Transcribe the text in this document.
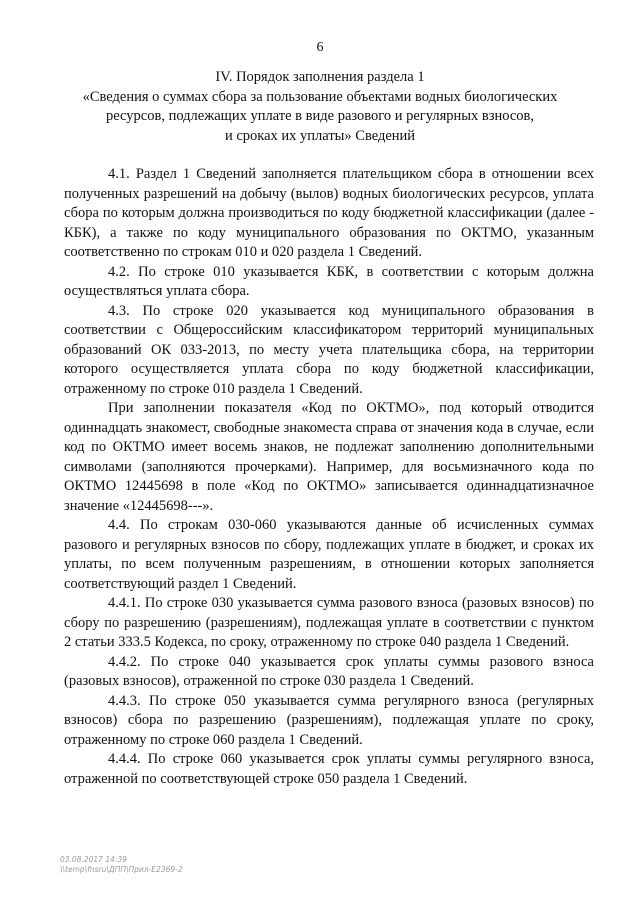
6
IV. Порядок заполнения раздела 1
«Сведения о суммах сбора за пользование объектами водных биологических
ресурсов, подлежащих уплате в виде разового и регулярных взносов,
и сроках их уплаты» Сведений

4.1. Раздел 1 Сведений заполняется плательщиком сбора в отношении всех полученных разрешений на добычу (вылов) водных биологических ресурсов, уплата сбора по которым должна производиться по коду бюджетной классификации (далее - КБК), а также по коду муниципального образования по ОКТМО, указанным соответственно по строкам 010 и 020 раздела 1 Сведений.

4.2. По строке 010 указывается КБК, в соответствии с которым должна осуществляться уплата сбора.

4.3. По строке 020 указывается код муниципального образования в соответствии с Общероссийским классификатором территорий муниципальных образований ОК 033-2013, по месту учета плательщика сбора, на территории которого осуществляется уплата сбора по коду бюджетной классификации, отраженному по строке 010 раздела 1 Сведений.

При заполнении показателя «Код по ОКТМО», под который отводится одиннадцать знакомест, свободные знакоместа справа от значения кода в случае, если код по ОКТМО имеет восемь знаков, не подлежат заполнению дополнительными символами (заполняются прочерками). Например, для восьмизначного кода по ОКТМО 12445698 в поле «Код по ОКТМО» записывается одиннадцатизначное значение «12445698---».

4.4. По строкам 030-060 указываются данные об исчисленных суммах разового и регулярных взносов по сбору, подлежащих уплате в бюджет, и сроках их уплаты, по всем полученным разрешениям, в отношении которых заполняется соответствующий раздел 1 Сведений.

4.4.1. По строке 030 указывается сумма разового взноса (разовых взносов) по сбору по разрешению (разрешениям), подлежащая уплате в соответствии с пунктом 2 статьи 333.5 Кодекса, по сроку, отраженному по строке 040 раздела 1 Сведений.

4.4.2. По строке 040 указывается срок уплаты суммы разового взноса (разовых взносов), отраженной по строке 030 раздела 1 Сведений.

4.4.3. По строке 050 указывается сумма регулярного взноса (регулярных взносов) сбора по разрешению (разрешениям), подлежащая уплате по сроку, отраженному по строке 060 раздела 1 Сведений.

4.4.4. По строке 060 указывается срок уплаты суммы регулярного взноса, отраженной по соответствующей строке 050 раздела 1 Сведений.

03.08.2017 14:39
\\temp\fnsru\ДПП\Прил-Е2369-2
